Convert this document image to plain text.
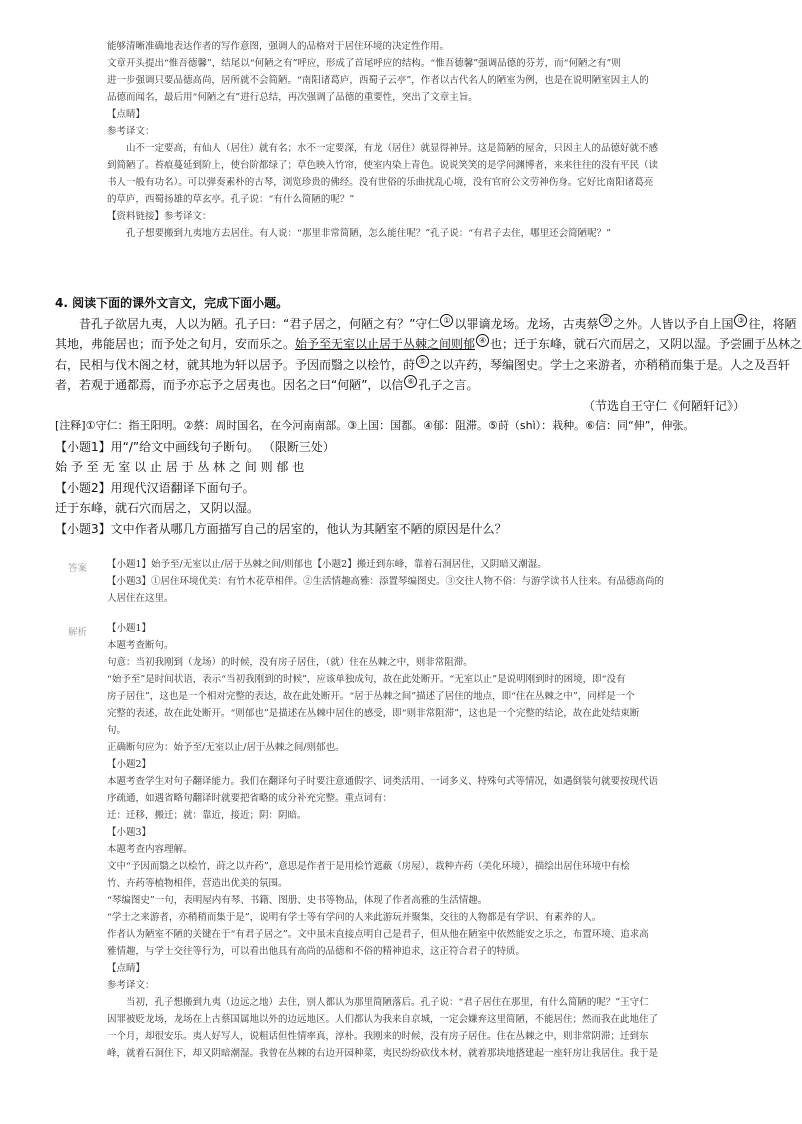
能够清晰准确地表达作者的写作意图，强调人的品格对于居住环境的决定性作用。
文章开头提出“惟吾德馨”，结尾以“何陋之有”呼应，形成了首尾呼应的结构。“惟吾德馨”强调品德的芬芳，而“何陋之有”则
进一步强调只要品德高尚，居所就不会简陋。“南阳诸葛庐，西蜀子云亭”，作者以古代名人的陋室为例，也是在说明陋室因主人的
品德而闻名，最后用“何陋之有”进行总结，再次强调了品德的重要性，突出了文章主旨。
【点睛】
参考译文：
山不一定要高，有仙人（居住）就有名；水不一定要深，有龙（居住）就显得神异。这是简陋的屋舍，只因主人的品德好就不感
到简陋了。苔痕蔓延到阶上，使台阶都绿了；草色映入竹帘，使室内染上青色。说说笑笑的是学问渊博者，来来往往的没有平民（读
书人一般有功名）。可以弹奏素朴的古琴，浏览珍贵的佛经。没有世俗的乐曲扰乱心境，没有官府公文劳神伤身。它好比南阳诸葛亮
的草庐，西蜀扬雄的草玄亭。孔子说：“有什么简陋的呢？”
【资料链接】参考译文：
孔子想要搬到九夷地方去居住。有人说：“那里非常简陋，怎么能住呢？”孔子说：“有君子去住，哪里还会简陋呢？”
4. 阅读下面的课外文言文，完成下面小题。
昔孔子欲居九夷，人以为陋。孔子曰：“君子居之，何陋之有？”守仁 ① 以罪谪龙场。龙场，古夷蔡 ② 之外。人皆以予自上国 ③ 往，将陋
其地，弗能居也；而予处之旬月，安而乐之。始予至无室以止居于丛棘之间则郁 ④ 也；迁于东峰，就石穴而居之，又阴以湿。予尝圃于丛林之
右，民相与伐木阁之材，就其地为轩以居予。予因而翳之以桧竹，莳 ⑤ 之以卉药，琴编图史。学士之来游者，亦稍稍而集于是。人之及吾轩
者，若观于通都焉，而予亦忘予之居夷也。因名之曰“何陋”，以信 ⑥ 孔子之言。
（节选自王守仁《何陋轩记》）
[注释]①守仁：指王阳明。②蔡：周时国名，在今河南南部。③上国：国都。④郁：阻滞。⑤莳（shì）：栽种。⑥信：同“伸”，伸张。
【小题1】用“/”给文中画线句子断句。 （限断三处）
始 予 至 无 室 以 止 居 于 丛 林 之 间 则 郁 也
【小题2】用现代汉语翻译下面句子。
迁于东峰，就石穴而居之，又阴以湿。
【小题3】文中作者从哪几方面描写自己的居室的，他认为其陋室不陋的原因是什么？
答案 【小题1】始予至/无室以止/居于丛棘之间/则郁也【小题2】搬迁到东峰，靠着石洞居住，又阴暗又潮湿。
【小题3】①居住环境优美：有竹木花草相伴。②生活情趣高雅：添置琴编图史。③交往人物不俗：与游学读书人往来。有品德高尚的
人居住在这里。
解析 【小题1】
本题考查断句。
句意：当初我刚到（龙场）的时候，没有房子居住，（就）住在丛棘之中，则非常阻滞。
“始予至”是时间状语，表示“当初我刚到的时候”，应该单独成句，故在此处断开。“无室以止”是说明刚到时的困境，即“没有
房子居住”，这也是一个相对完整的表达，故在此处断开。“居于丛棘之间”描述了居住的地点，即“住在丛棘之中”，同样是一个
完整的表述，故在此处断开。“则郁也”是描述在丛棘中居住的感受，即“则非常阻滞”，这也是一个完整的结论，故在此处结束断
句。
正确断句应为：始予至/无室以止/居于丛棘之间/则郁也。
【小题2】
本题考查学生对句子翻译能力。我们在翻译句子时要注意通假字、词类活用、一词多义、特殊句式等情况，如遇倒装句就要按现代语
序疏通，如遇省略句翻译时就要把省略的成分补充完整。重点词有：
迁：迁移，搬迁；就：靠近，接近；阴：阴暗。
【小题3】
本题考查内容理解。
文中“予因而翳之以桧竹，莳之以卉药”，意思是作者于是用桧竹遮蔽（房屋），栽种卉药（美化环境），描绘出居住环境中有桧
竹、卉药等植物相伴，营造出优美的氛围。
“琴编图史”一句，表明屋内有琴、书籍、图册、史书等物品，体现了作者高雅的生活情趣。
“学士之来游者，亦稍稍而集于是”，说明有学士等有学问的人来此游玩并聚集，交往的人物都是有学识、有素养的人。
作者认为陋室不陋的关键在于“有君子居之”。文中虽未直接点明自己是君子，但从他在陋室中依然能安之乐之，布置环境、追求高
雅情趣，与学士交往等行为，可以看出他具有高尚的品德和不俗的精神追求，这正符合君子的特质。
【点睛】
参考译文：
当初，孔子想搬到九夷（边远之地）去住，别人都认为那里简陋落后。孔子说：“君子居住在那里，有什么简陋的呢？”王守仁
因罪被贬龙场，龙场在上古蔡国属地以外的边远地区。人们都认为我来自京城，一定会嫌弃这里简陋，不能居住；然而我在此地住了
一个月，却很安乐。夷人好写人，说粗话但性情率真，淳朴。我刚来的时候，没有房子居住。住在丛棘之中，则非常阴滞；迁到东
峰，就着石洞住下，却又阴暗潮湿。我曾在丛棘的右边开园种菜，夷民纷纷砍伐木材，就着那块地搭建起一座轩房让我居住。我于是
